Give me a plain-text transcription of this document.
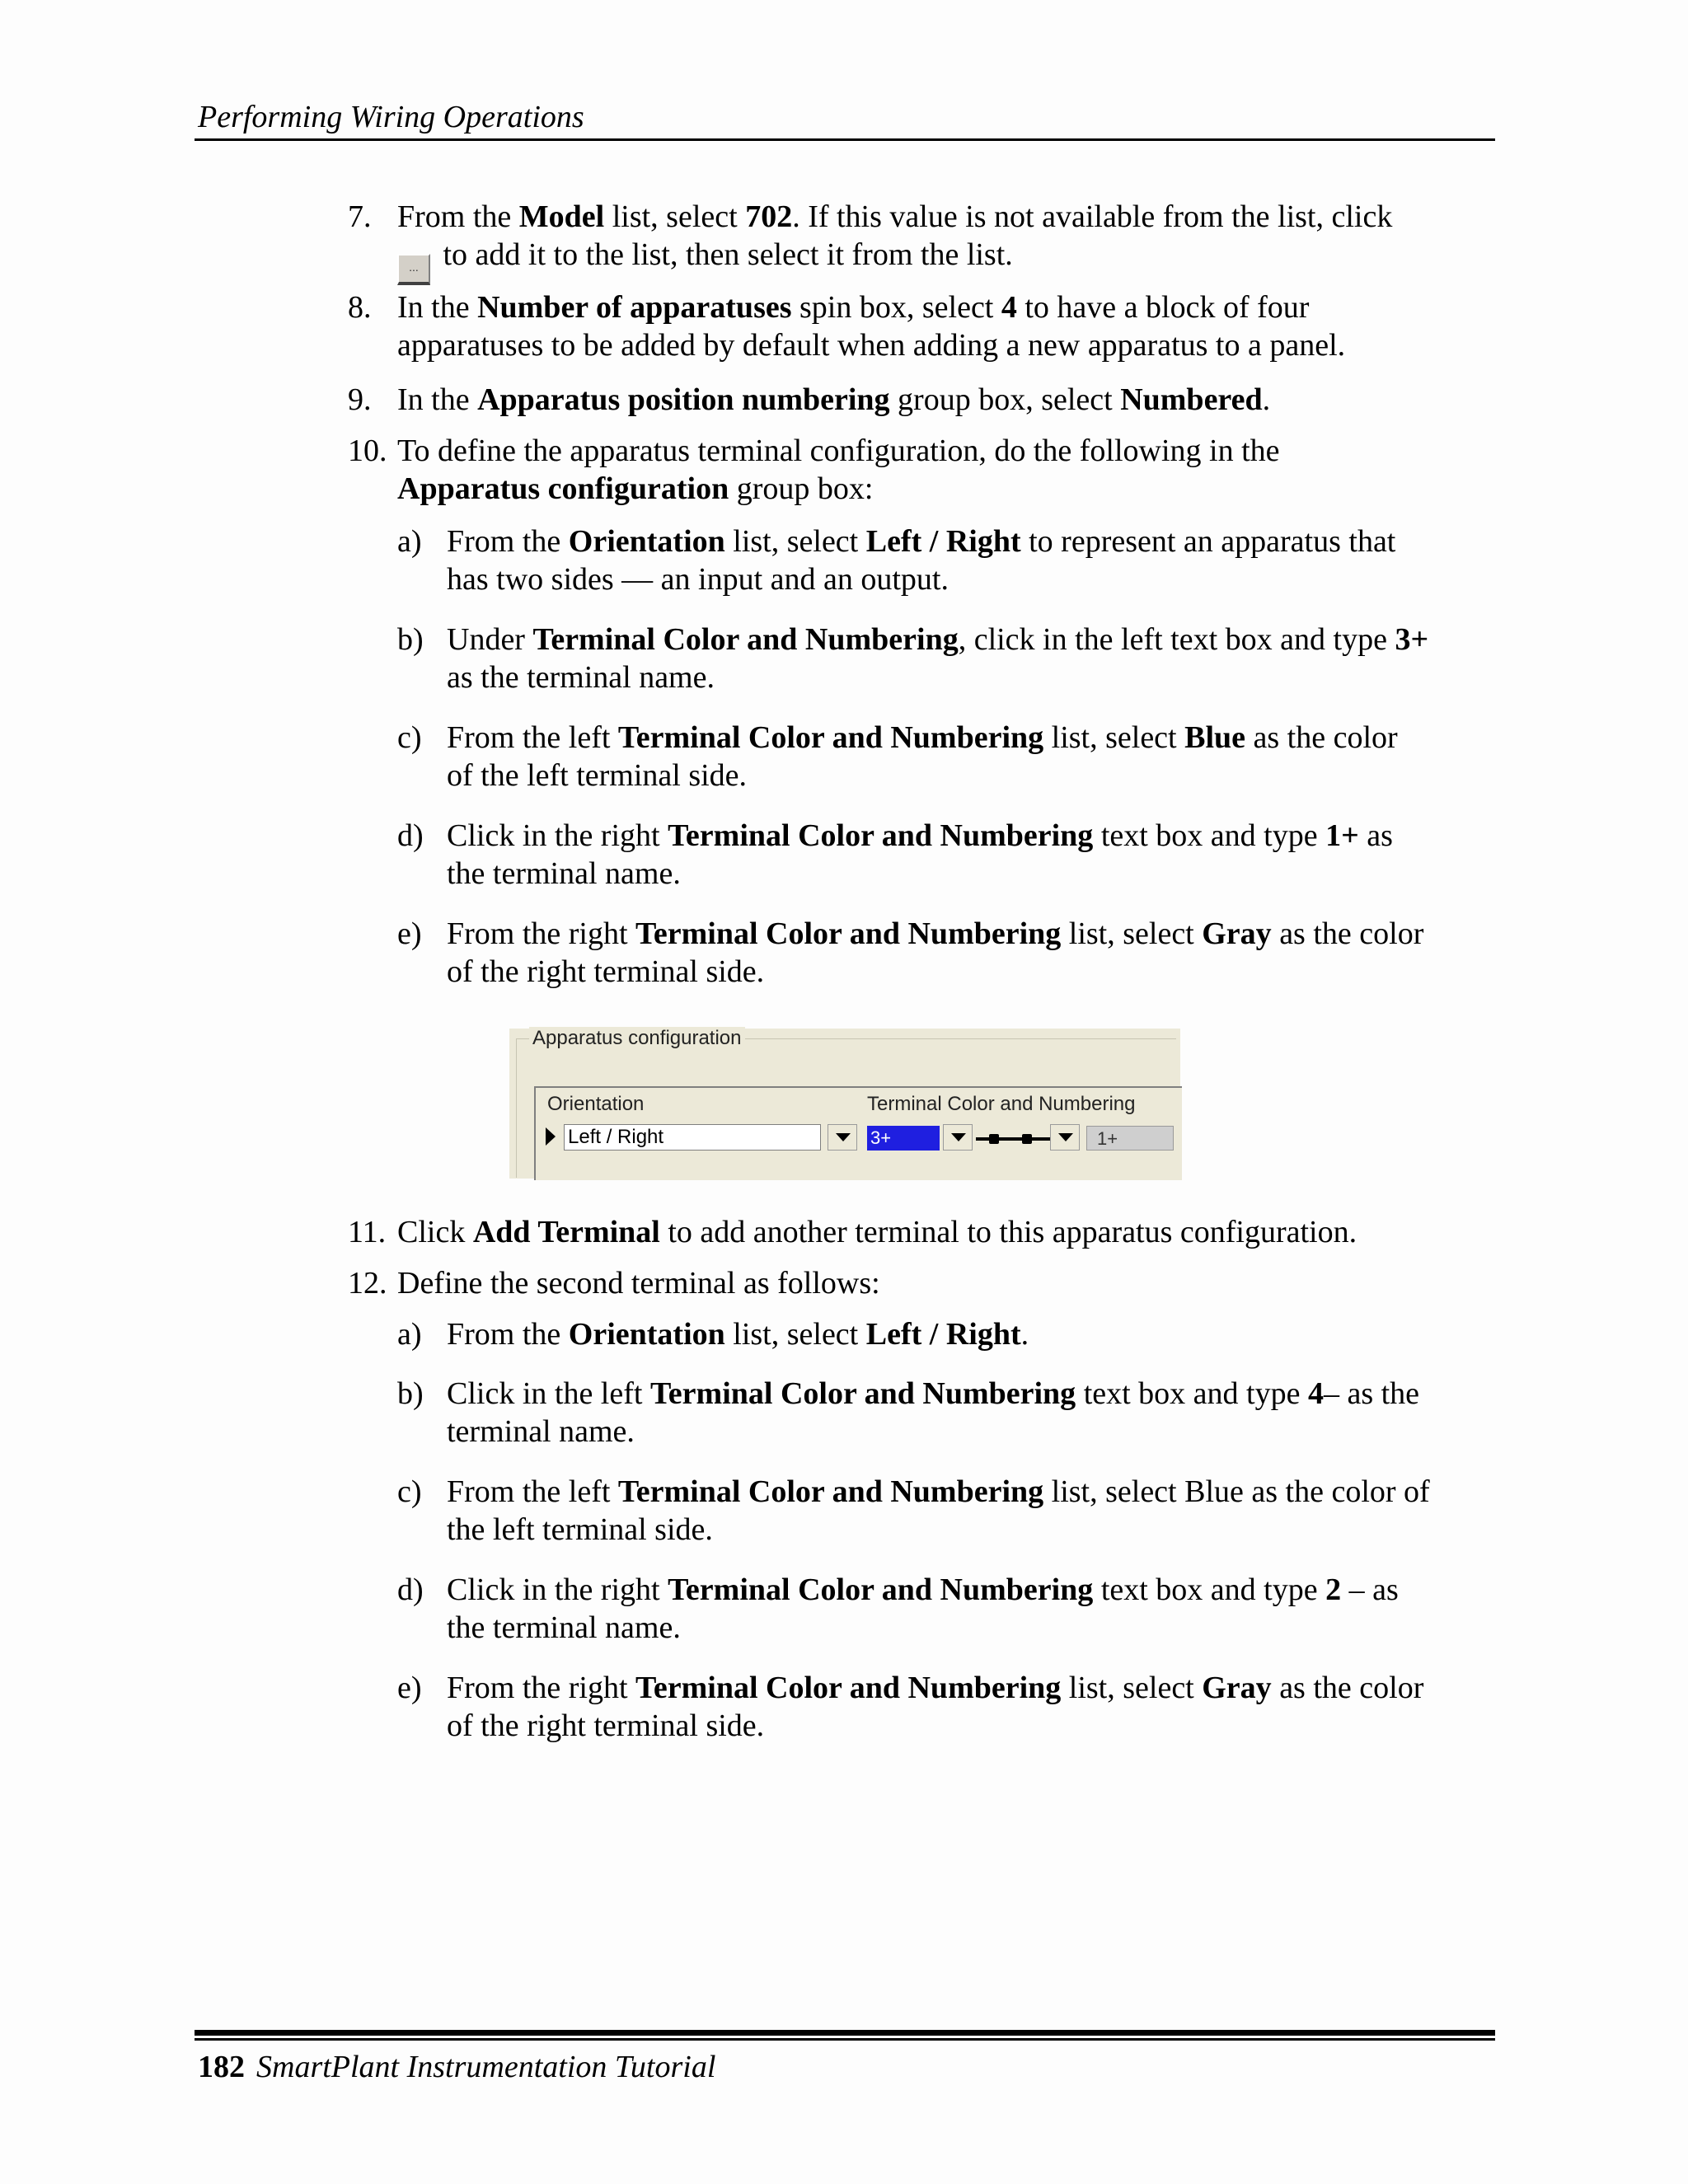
Performing Wiring Operations
7. From the Model list, select 702. If this value is not available from the list, click
... to add it to the list, then select it from the list.
8. In the Number of apparatuses spin box, select 4 to have a block of four
apparatuses to be added by default when adding a new apparatus to a panel.
9. In the Apparatus position numbering group box, select Numbered.
10. To define the apparatus terminal configuration, do the following in the
Apparatus configuration group box:
a) From the Orientation list, select Left / Right to represent an apparatus that
has two sides — an input and an output.
b) Under Terminal Color and Numbering, click in the left text box and type 3+
as the terminal name.
c) From the left Terminal Color and Numbering list, select Blue as the color
of the left terminal side.
d) Click in the right Terminal Color and Numbering text box and type 1+ as
the terminal name.
e) From the right Terminal Color and Numbering list, select Gray as the color
of the right terminal side.
Apparatus configuration
Orientation	Terminal Color and Numbering
Left / Right	3+	1+
11. Click Add Terminal to add another terminal to this apparatus configuration.
12. Define the second terminal as follows:
a) From the Orientation list, select Left / Right.
b) Click in the left Terminal Color and Numbering text box and type 4– as the
terminal name.
c) From the left Terminal Color and Numbering list, select Blue as the color of
the left terminal side.
d) Click in the right Terminal Color and Numbering text box and type 2 – as
the terminal name.
e) From the right Terminal Color and Numbering list, select Gray as the color
of the right terminal side.
182 SmartPlant Instrumentation Tutorial
